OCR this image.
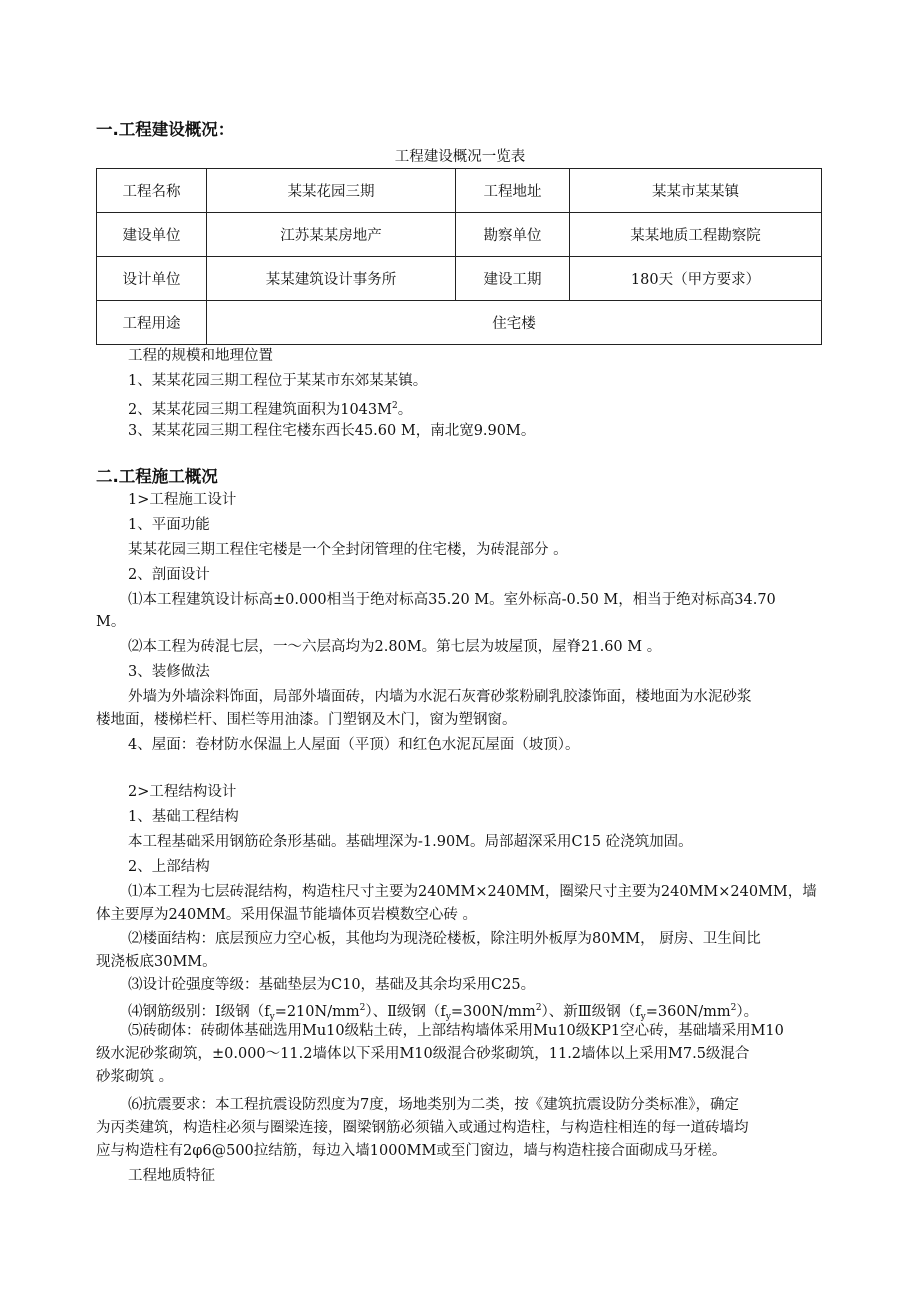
一.工程建设概况：
工程建设概况一览表
工程名称	某某花园三期	工程地址	某某市某某镇
建设单位	江苏某某房地产	勘察单位	某某地质工程勘察院
设计单位	某某建筑设计事务所	建设工期	180天（甲方要求）
工程用途	住宅楼		
工程的规模和地理位置
1、某某花园三期工程位于某某市东郊某某镇。
2、某某花园三期工程建筑面积为$1043M^2$。
3、某某花园三期工程住宅楼东西长45.60 M，南北宽9.90M。
二.工程施工概况
1>工程施工设计
1、平面功能
某某花园三期工程住宅楼是一个全封闭管理的住宅楼，为砖混部分 。
2、剖面设计
⑴本工程建筑设计标高±0.000相当于绝对标高35.20 M。室外标高-0.50 M，相当于绝对标高34.70
M。
⑵本工程为砖混七层，一～六层高均为2.80M。第七层为坡屋顶，屋脊21.60 M 。
3、装修做法
外墙为外墙涂料饰面，局部外墙面砖，内墙为水泥石灰膏砂浆粉刷乳胶漆饰面，楼地面为水泥砂浆
楼地面，楼梯栏杆、围栏等用油漆。门塑钢及木门，窗为塑钢窗。
4、屋面：卷材防水保温上人屋面（平顶）和红色水泥瓦屋面（坡顶）。
2>工程结构设计
1、基础工程结构
本工程基础采用钢筋砼条形基础。基础埋深为-1.90M。局部超深采用C15 砼浇筑加固。
2、上部结构
⑴本工程为七层砖混结构，构造柱尺寸主要为240MM×240MM，圈梁尺寸主要为240MM×240MM，墙
体主要厚为240MM。采用保温节能墙体页岩模数空心砖 。
⑵楼面结构：底层预应力空心板，其他均为现浇砼楼板，除注明外板厚为80MM， 厨房、卫生间比
现浇板底30MM。
⑶设计砼强度等级：基础垫层为C10，基础及其余均采用C25。
⑷钢筋级别：Ⅰ级钢$(f_y=210N/mm^2)$、Ⅱ级钢$(f_y=300N/mm^2)$、新Ⅲ级钢$(f_y=360N/mm^2)$。
⑸砖砌体：砖砌体基础选用Mu10级粘土砖，上部结构墙体采用Mu10级KP1空心砖，基础墙采用M10
级水泥砂浆砌筑，±0.000～11.2墙体以下采用M10级混合砂浆砌筑，11.2墙体以上采用M7.5级混合
砂浆砌筑 。
⑹抗震要求：本工程抗震设防烈度为7度，场地类别为二类，按《建筑抗震设防分类标准》，确定
为丙类建筑，构造柱必须与圈梁连接，圈梁钢筋必须锚入或通过构造柱，与构造柱相连的每一道砖墙均
应与构造柱有2φ6@500拉结筋，每边入墙1000MM或至门窗边，墙与构造柱接合面砌成马牙槎。
工程地质特征
